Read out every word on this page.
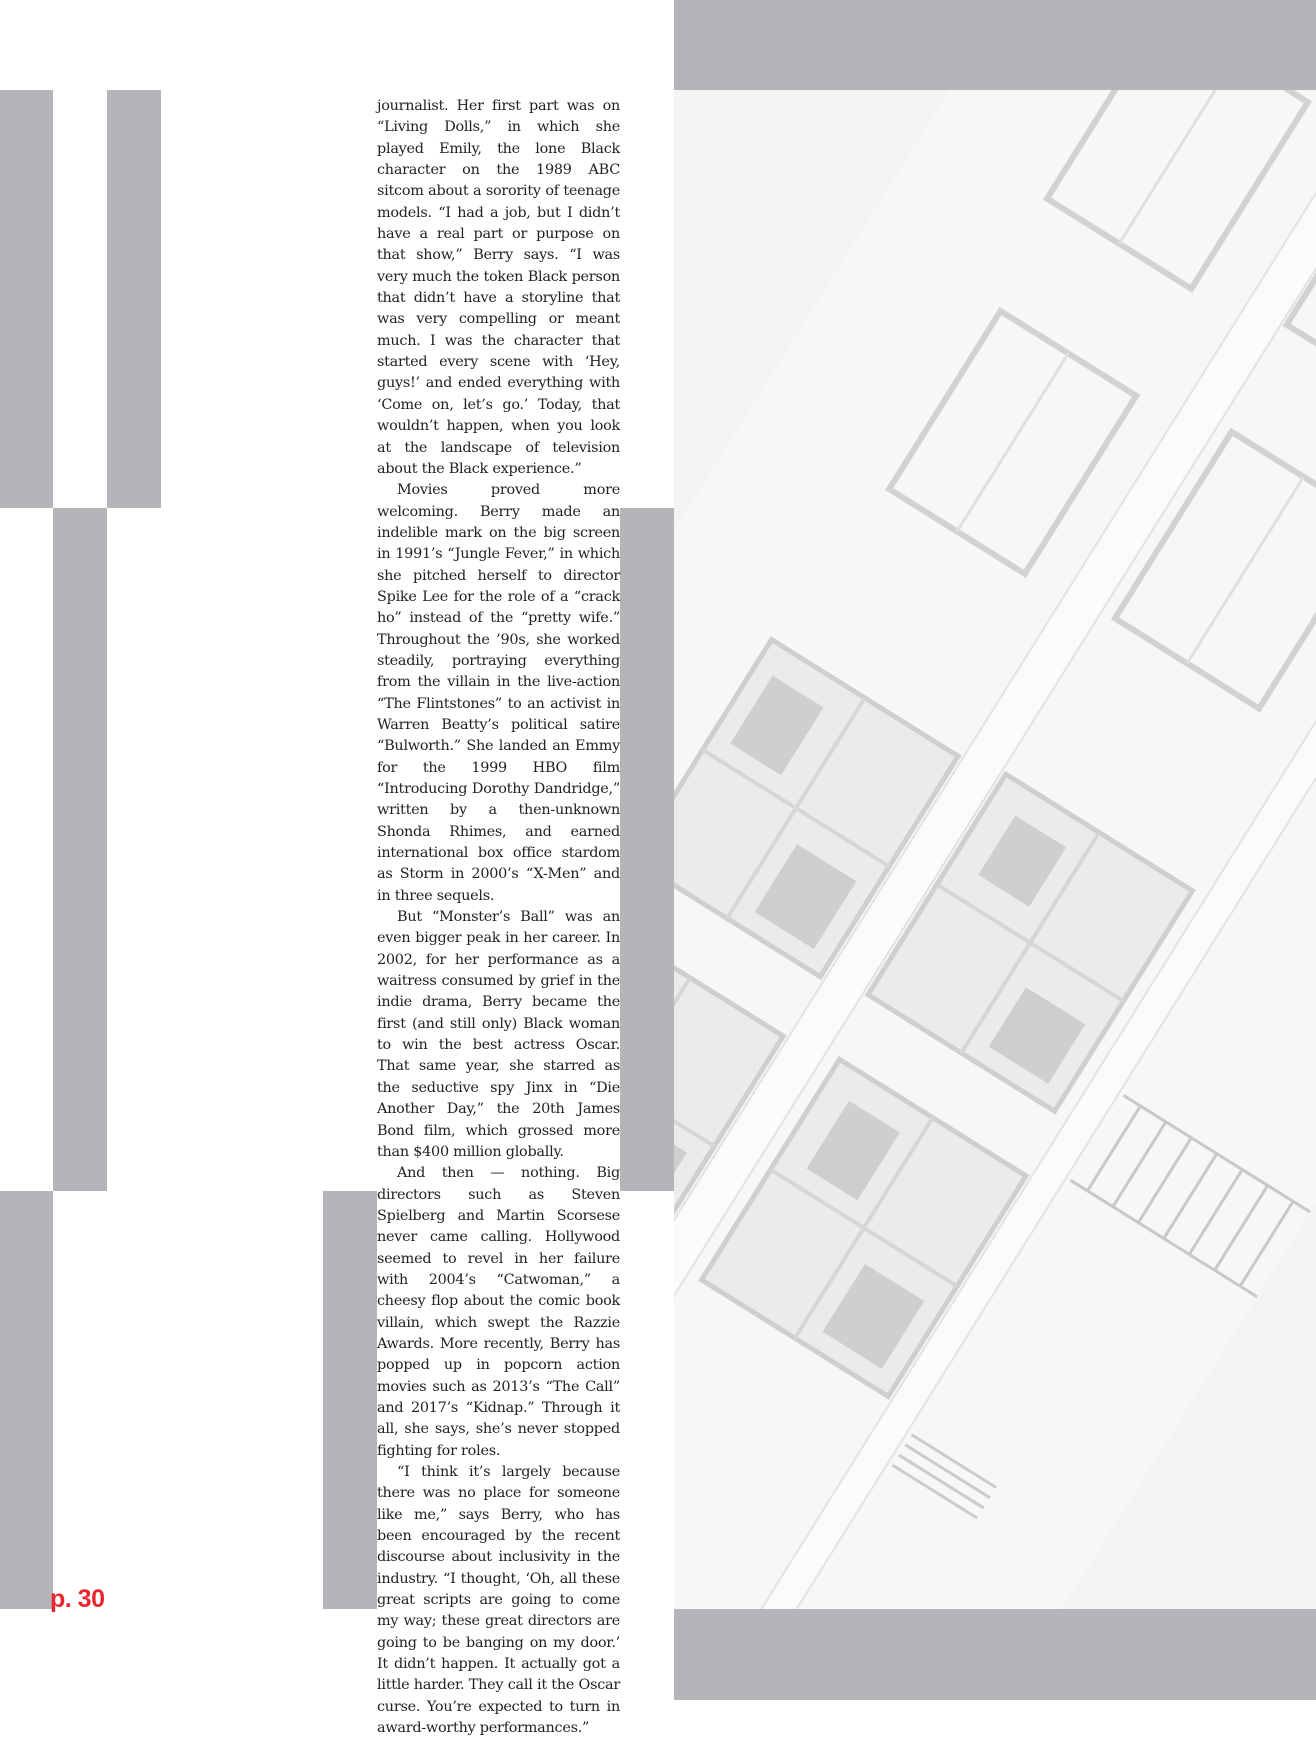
journalist. Her first part was on “Living Dolls,” in which she played Emily, the lone Black character on the 1989 ABC sitcom about a sorority of teenage models. “I had a job, but I didn’t have a real part or purpose on that show,” Berry says. “I was very much the token Black person that didn’t have a storyline that was very compelling or meant much. I was the character that started every scene with ‘Hey, guys!’ and ended everything with ‘Come on, let’s go.’ Today, that wouldn’t happen, when you look at the landscape of television about the Black experience.”

Movies proved more welcoming. Berry made an indelible mark on the big screen in 1991’s “Jungle Fever,” in which she pitched herself to director Spike Lee for the role of a “crack ho” instead of the “pretty wife.” Throughout the ’90s, she worked steadily, portraying everything from the villain in the live-action “The Flintstones” to an activist in Warren Beatty’s political satire “Bulworth.” She landed an Emmy for the 1999 HBO film “Introducing Dorothy Dandridge,” written by a then-unknown Shonda Rhimes, and earned international box office stardom as Storm in 2000’s “X-Men” and in three sequels.

But “Monster’s Ball” was an even bigger peak in her career. In 2002, for her performance as a waitress consumed by grief in the indie drama, Berry became the first (and still only) Black woman to win the best actress Oscar. That same year, she starred as the seductive spy Jinx in “Die Another Day,” the 20th James Bond film, which grossed more than $400 million globally.

And then — nothing. Big directors such as Steven Spielberg and Martin Scorsese never came calling. Hollywood seemed to revel in her failure with 2004’s “Catwoman,” a cheesy flop about the comic book villain, which swept the Razzie Awards. More recently, Berry has popped up in popcorn action movies such as 2013’s “The Call” and 2017’s “Kidnap.” Through it all, she says, she’s never stopped fighting for roles.

“I think it’s largely because there was no place for someone like me,” says Berry, who has been encouraged by the recent discourse about inclusivity in the industry. “I thought, ‘Oh, all these great scripts are going to come my way; these great directors are going to be banging on my door.’ It didn’t happen. It actually got a little harder. They call it the Oscar curse. You’re expected to turn in award-worthy performances.”

p. 30
